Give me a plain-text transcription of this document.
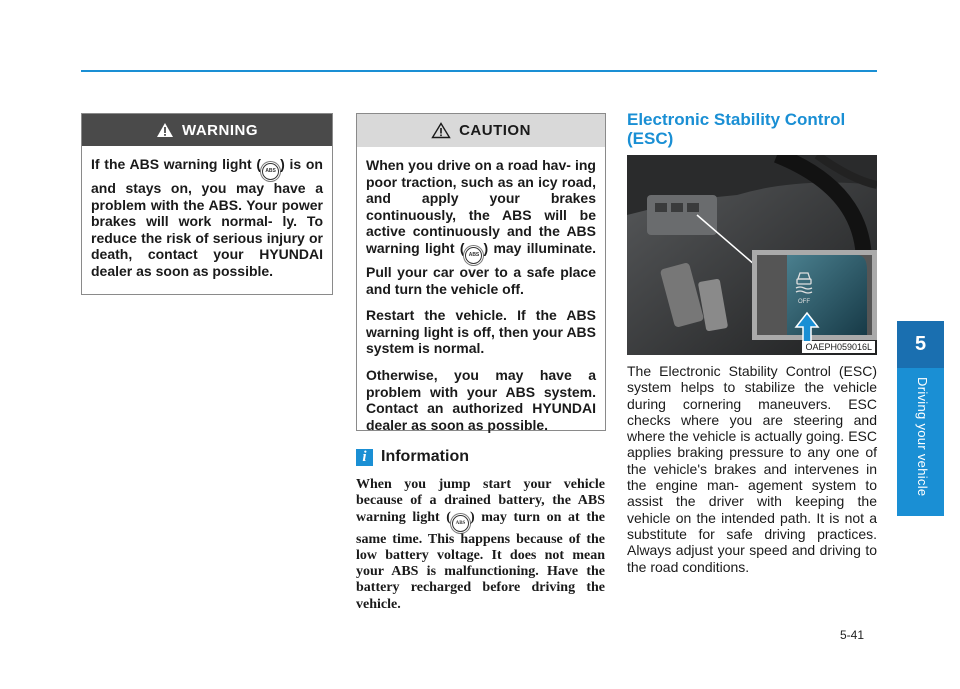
WARNING
If the ABS warning light ( ABS ) is on and stays on, you may have a problem with the ABS. Your power brakes will work normal- ly. To reduce the risk of serious injury or death, contact your HYUNDAI dealer as soon as possible.
CAUTION

When you drive on a road hav- ing poor traction, such as an icy road, and apply your brakes continuously, the ABS will be active continuously and the ABS warning light ( ABS ) may illuminate. Pull your car over to a safe place and turn the vehicle off.

Restart the vehicle. If the ABS warning light is off, then your ABS system is normal.

Otherwise, you may have a problem with your ABS system. Contact an authorized HYUNDAI dealer as soon as possible.

i Information
When you jump start your vehicle because of a drained battery, the ABS warning light ( ABS ) may turn on at the same time. This happens because of the low battery voltage. It does not mean your ABS is malfunctioning. Have the battery recharged before driving the vehicle.
Electronic Stability Control (ESC)
OFF
OAEPH059016L
The Electronic Stability Control (ESC) system helps to stabilize the vehicle during cornering maneuvers. ESC checks where you are steering and where the vehicle is actually going. ESC applies braking pressure to any one of the vehicle's brakes and intervenes in the engine man- agement system to assist the driver with keeping the vehicle on the intended path. It is not a substitute for safe driving practices. Always adjust your speed and driving to the road conditions.
5
Driving your vehicle
5-41
